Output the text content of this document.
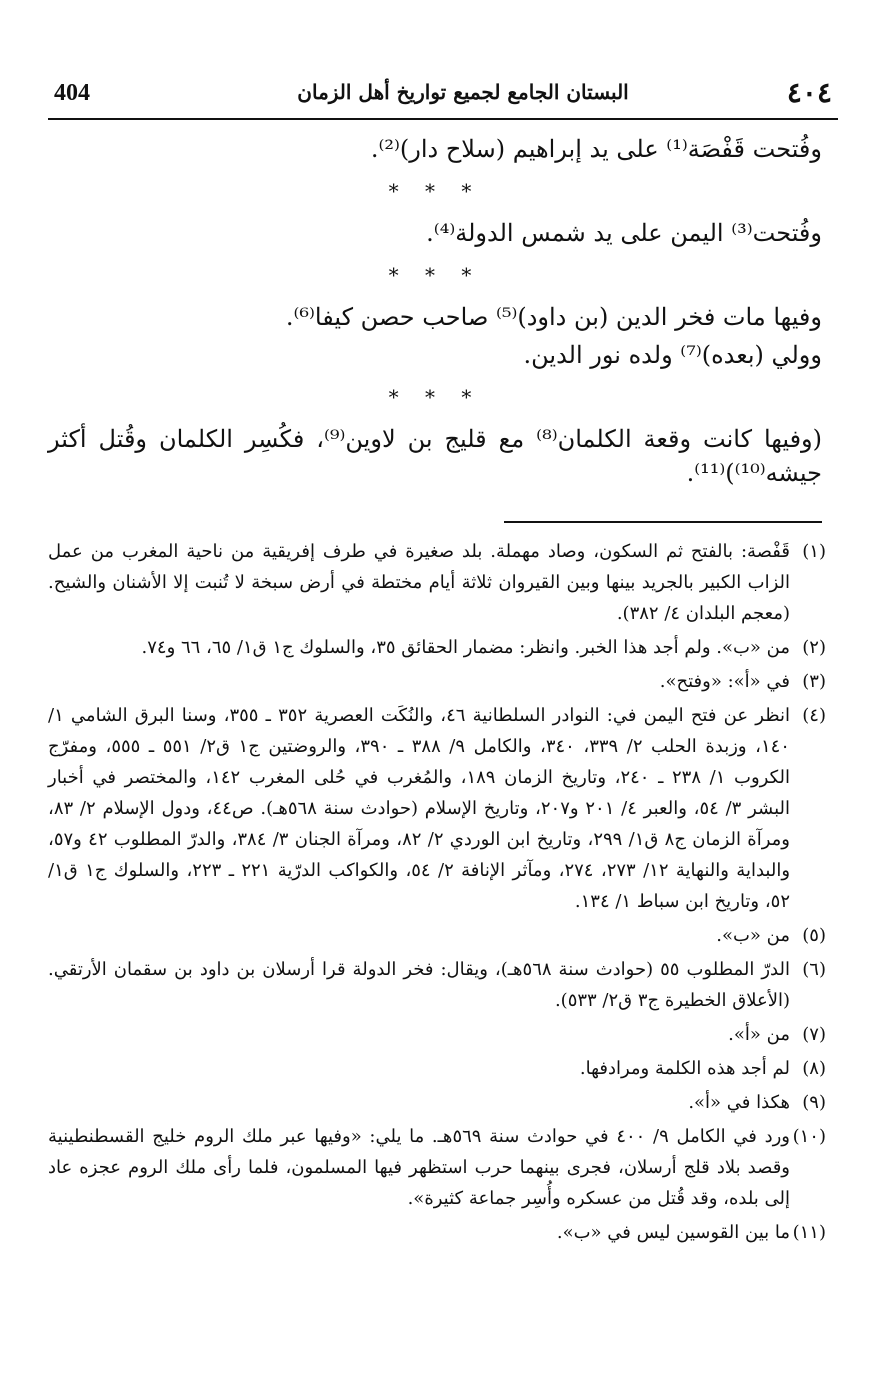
404	البستان الجامع لجميع تواريخ أهل الزمان	٤٠٤
وفُتحت قَفْصَة⁽¹⁾ على يد إبراهيم (سلاح دار)⁽²⁾.
* * *
وفُتحت⁽³⁾ اليمن على يد شمس الدولة⁽⁴⁾.
* * *
وفيها مات فخر الدين (بن داود)⁽⁵⁾ صاحب حصن كيفا⁽⁶⁾.
وولي (بعده)⁽⁷⁾ ولده نور الدين.
* * *
(وفيها كانت وقعة الكلمان⁽⁸⁾ مع قليج بن لاوين⁽⁹⁾، فكُسِر الكلمان وقُتل أكثر جيشه⁽¹⁰⁾)⁽¹¹⁾.
(١)
قَفْصة: بالفتح ثم السكون، وصاد مهملة. بلد صغيرة في طرف إفريقية من ناحية المغرب من عمل الزاب الكبير بالجريد بينها وبين القيروان ثلاثة أيام مختطة في أرض سبخة لا تُنبت إلا الأشنان والشيح. (معجم البلدان ٤/ ٣٨٢).
(٢)
من «ب». ولم أجد هذا الخبر. وانظر: مضمار الحقائق ٣٥، والسلوك ج١ ق١/ ٦٥، ٦٦ و٧٤.
(٣)
في «أ»: «وفتح».
(٤)
انظر عن فتح اليمن في: النوادر السلطانية ٤٦، والنُكَت العصرية ٣٥٢ ـ ٣٥٥، وسنا البرق الشامي ١/ ١٤٠، وزبدة الحلب ٢/ ٣٣٩، ٣٤٠، والكامل ٩/ ٣٨٨ ـ ٣٩٠، والروضتين ج١ ق٢/ ٥٥١ ـ ٥٥٥، ومفرّج الكروب ١/ ٢٣٨ ـ ٢٤٠، وتاريخ الزمان ١٨٩، والمُغرب في حُلى المغرب ١٤٢، والمختصر في أخبار البشر ٣/ ٥٤، والعبر ٤/ ٢٠١ و٢٠٧، وتاريخ الإسلام (حوادث سنة ٥٦٨هـ). ص٤٤، ودول الإسلام ٢/ ٨٣، ومرآة الزمان ج٨ ق١/ ٢٩٩، وتاريخ ابن الوردي ٢/ ٨٢، ومرآة الجنان ٣/ ٣٨٤، والدرّ المطلوب ٤٢ و٥٧، والبداية والنهاية ١٢/ ٢٧٣، ٢٧٤، ومآثر الإنافة ٢/ ٥٤، والكواكب الدرّية ٢٢١ ـ ٢٢٣، والسلوك ج١ ق١/ ٥٢، وتاريخ ابن سباط ١/ ١٣٤.
(٥)
من «ب».
(٦)
الدرّ المطلوب ٥٥ (حوادث سنة ٥٦٨هـ)، ويقال: فخر الدولة قرا أرسلان بن داود بن سقمان الأرتقي. (الأعلاق الخطيرة ج٣ ق٢/ ٥٣٣).
(٧)
من «أ».
(٨)
لم أجد هذه الكلمة ومرادفها.
(٩)
هكذا في «أ».
(١٠)
ورد في الكامل ٩/ ٤٠٠ في حوادث سنة ٥٦٩هـ. ما يلي: «وفيها عبر ملك الروم خليج القسطنطينية وقصد بلاد قلج أرسلان، فجرى بينهما حرب استظهر فيها المسلمون، فلما رأى ملك الروم عجزه عاد إلى بلده، وقد قُتل من عسكره وأُسِر جماعة كثيرة».
(١١)
ما بين القوسين ليس في «ب».
